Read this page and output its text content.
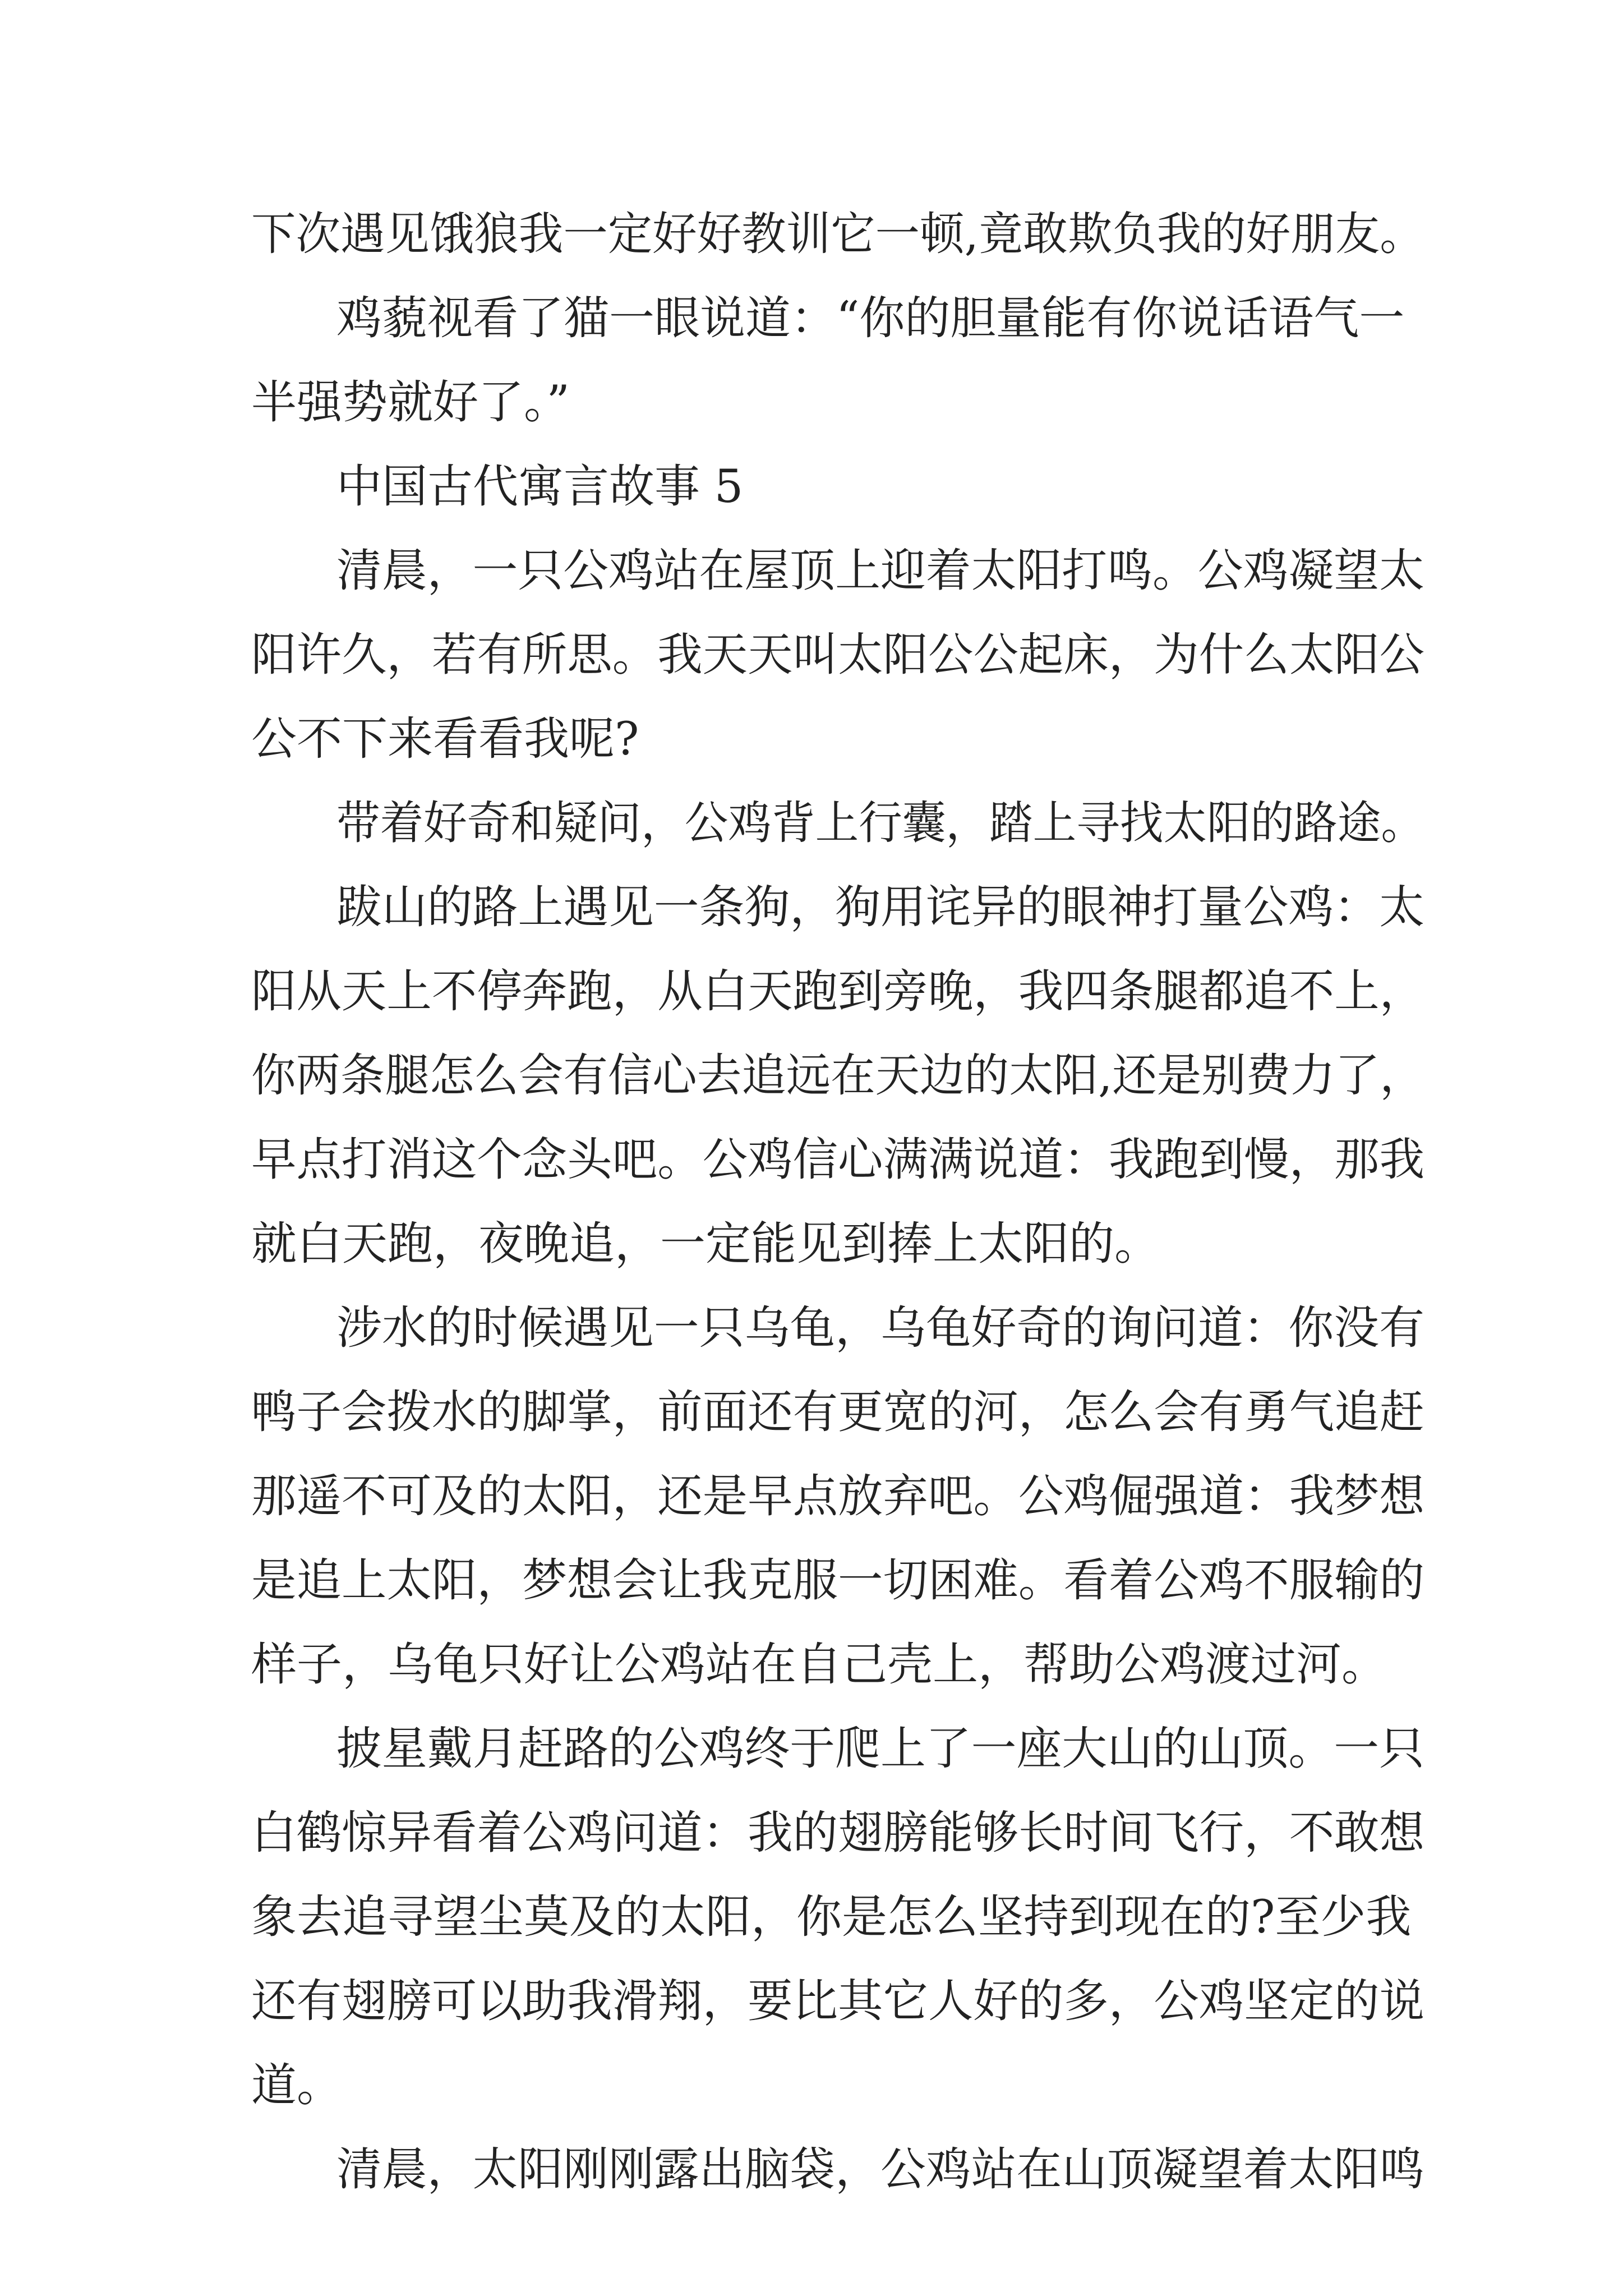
下次遇见饿狼我一定好好教训它一顿,竟敢欺负我的好朋友。

鸡藐视看了猫一眼说道：“你的胆量能有你说话语气一

半强势就好了。”

中国古代寓言故事 5

清晨，一只公鸡站在屋顶上迎着太阳打鸣。公鸡凝望太

阳许久，若有所思。我天天叫太阳公公起床，为什么太阳公

公不下来看看我呢?

带着好奇和疑问，公鸡背上行囊，踏上寻找太阳的路途。

跋山的路上遇见一条狗，狗用诧异的眼神打量公鸡：太

阳从天上不停奔跑，从白天跑到旁晚，我四条腿都追不上，

你两条腿怎么会有信心去追远在天边的太阳,还是别费力了，

早点打消这个念头吧。公鸡信心满满说道：我跑到慢，那我

就白天跑，夜晚追，一定能见到捧上太阳的。

涉水的时候遇见一只乌龟，乌龟好奇的询问道：你没有

鸭子会拨水的脚掌，前面还有更宽的河，怎么会有勇气追赶

那遥不可及的太阳，还是早点放弃吧。公鸡倔强道：我梦想

是追上太阳，梦想会让我克服一切困难。看着公鸡不服输的

样子，乌龟只好让公鸡站在自己壳上，帮助公鸡渡过河。

披星戴月赶路的公鸡终于爬上了一座大山的山顶。一只

白鹤惊异看着公鸡问道：我的翅膀能够长时间飞行，不敢想

象去追寻望尘莫及的太阳，你是怎么坚持到现在的?至少我

还有翅膀可以助我滑翔，要比其它人好的多，公鸡坚定的说

道。

清晨，太阳刚刚露出脑袋，公鸡站在山顶凝望着太阳鸣
